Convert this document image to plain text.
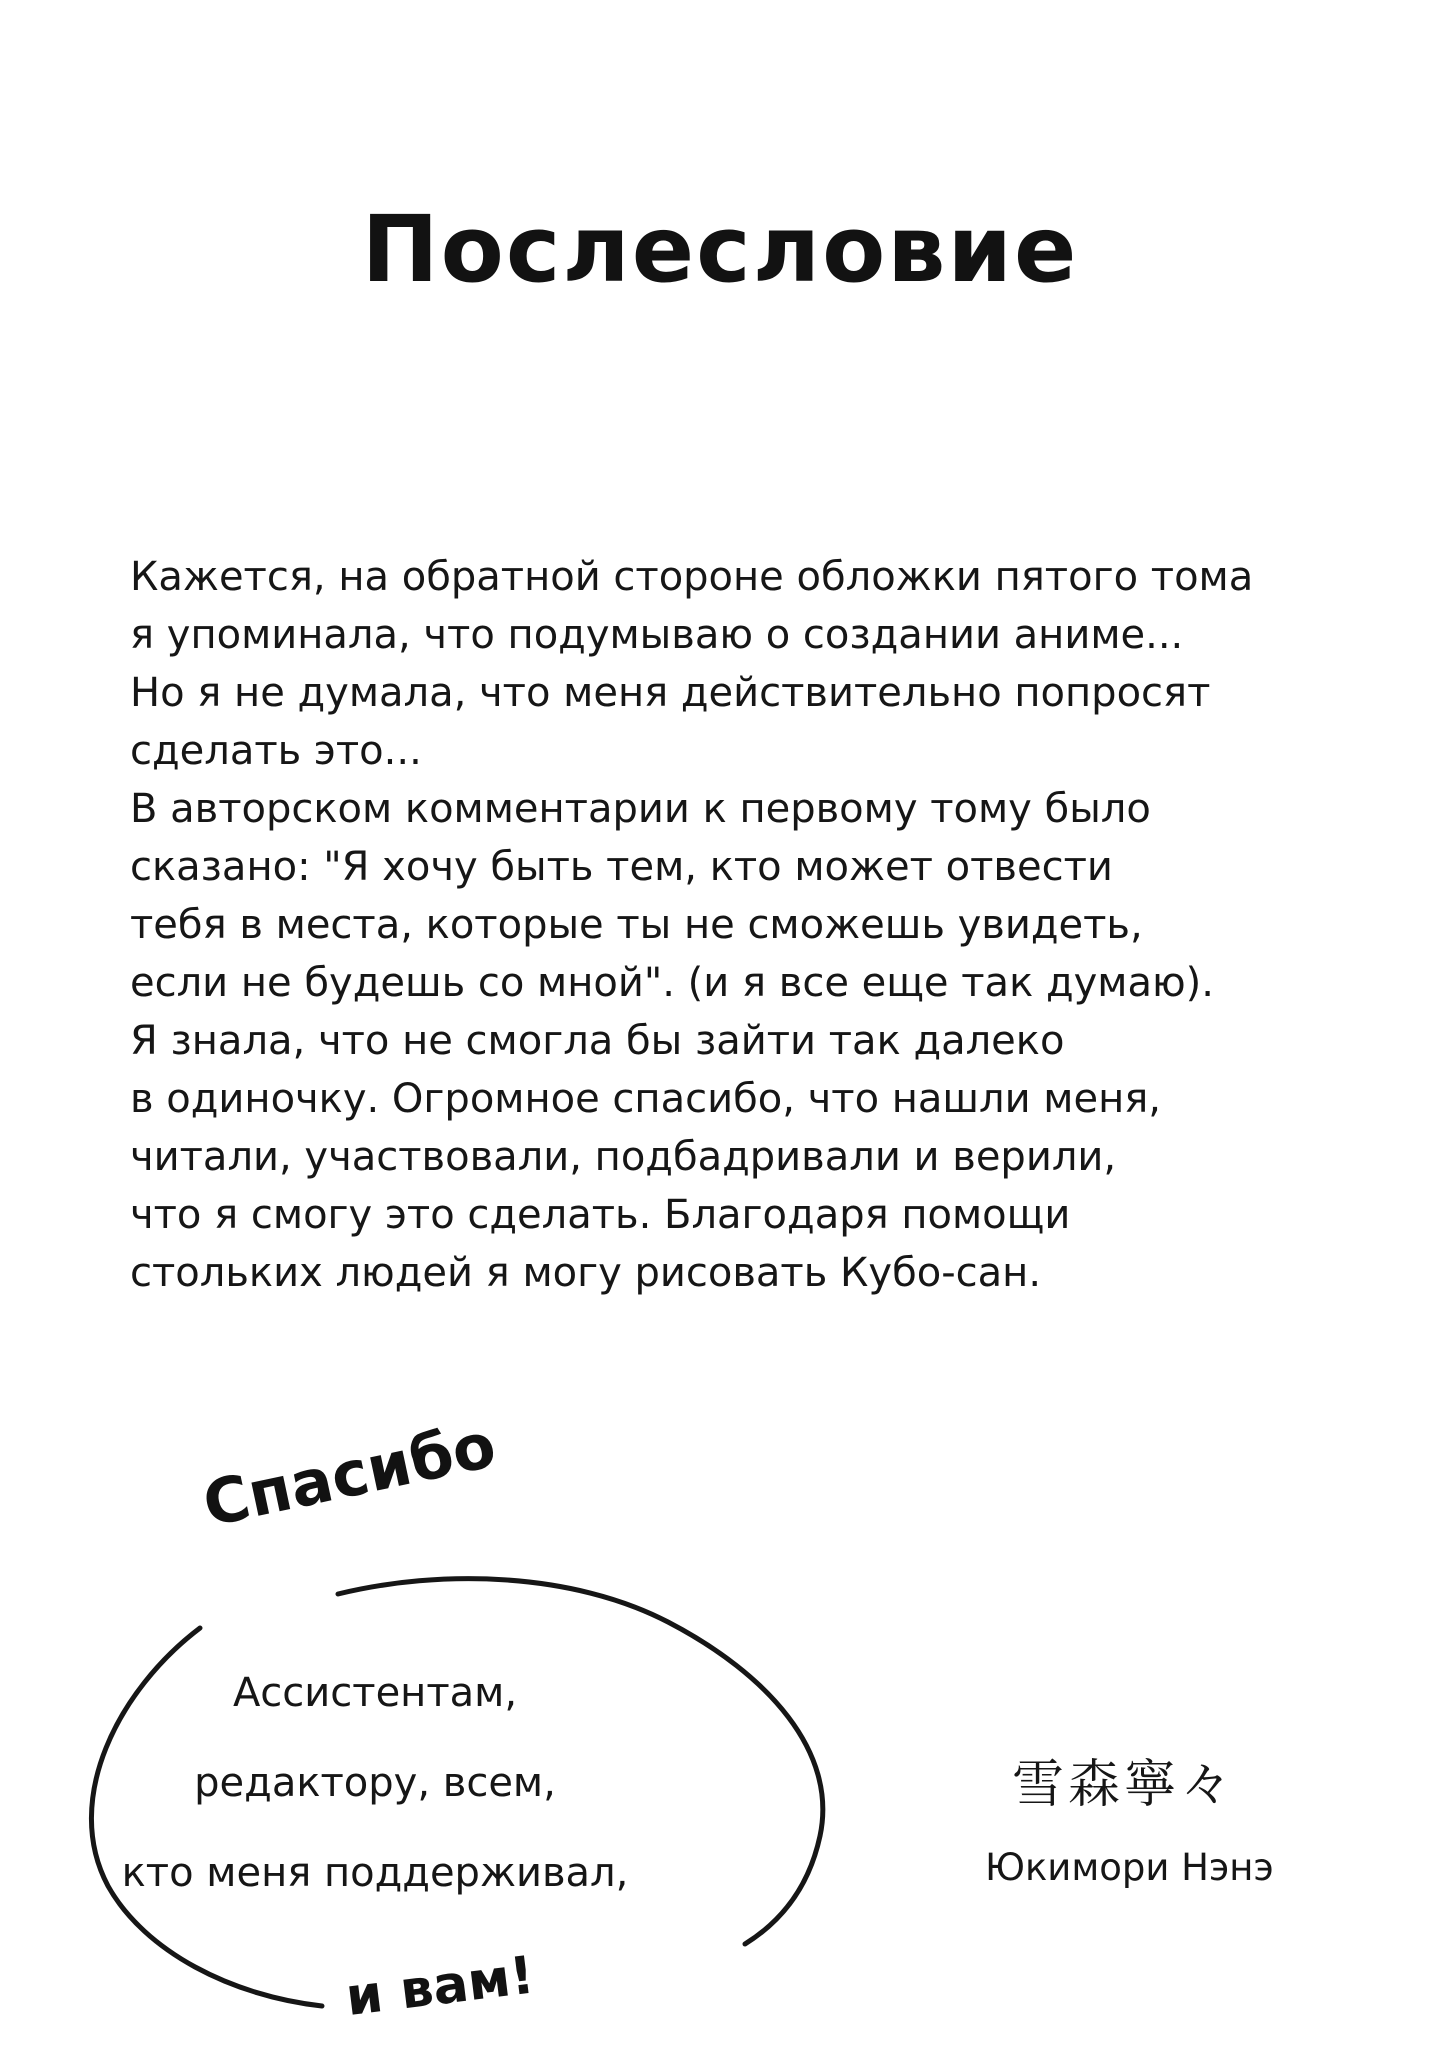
Послесловие
Кажется, на обратной стороне обложки пятого тома
я упоминала, что подумываю о создании аниме...
Но я не думала, что меня действительно попросят
сделать это...
В авторском комментарии к первому тому было
сказано: "Я хочу быть тем, кто может отвести
тебя в места, которые ты не сможешь увидеть,
если не будешь со мной". (и я все еще так думаю).
Я знала, что не смогла бы зайти так далеко
в одиночку. Огромное спасибо, что нашли меня,
читали, участвовали, подбадривали и верили,
что я смогу это сделать. Благодаря помощи
стольких людей я могу рисовать Кубо-сан.
Спасибо
Ассистентам,
редактору, всем,
кто меня поддерживал,
и вам!
雪森寧々
Юкимори Нэнэ
